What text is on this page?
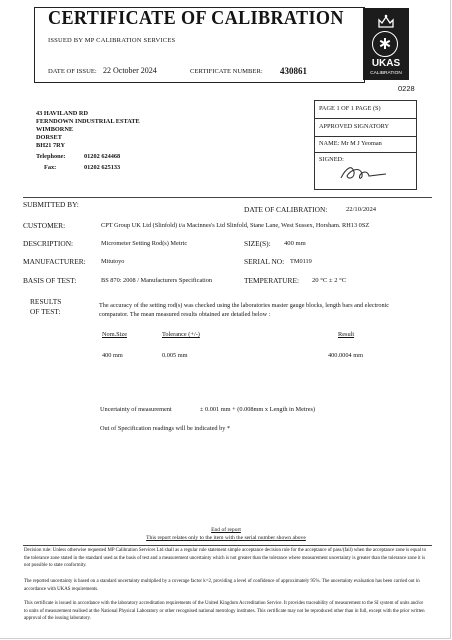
CERTIFICATE OF CALIBRATION
ISSUED BY MP CALIBRATION SERVICES
DATE OF ISSUE: 22 October 2024	CERTIFICATE NUMBER: 430861
UKAS
CALIBRATION
0228
43 HAVILAND RD
FERNDOWN INDUSTRIAL ESTATE
WIMBORNE
DORSET
BH21 7RY
Telephone:	01202 624468
Fax:	01202 625133
PAGE 1 OF 1 PAGE (S)
APPROVED SIGNATORY
NAME: Mr M J Yeoman
SIGNED:
SUBMITTED BY:
DATE OF CALIBRATION:	22/10/2024
CUSTOMER:	CPT Group UK Ltd (Slinfold) t/a Macinnes's Ltd Slinfold, Stane Lane, West Sussex, Horsham. RH13 0SZ
DESCRIPTION:	Micrometer Setting Rod(s) Metric	SIZE(S): 400 mm
MANUFACTURER: Mitutoyo	SERIAL NO: TM0119
BASIS OF TEST:	BS 870: 2008 / Manufacturers Specification	TEMPERATURE: 20 °C ± 2 °C
RESULTS
OF TEST:
The accuracy of the setting rod(s) was checked using the laboratories master gauge blocks, length bars and electronic comparator. The mean measured results obtained are detailed below :
Nom.Size	Tolerance (+/-)	Result
400 mm	0.005 mm	400.0004 mm
Uncertainty of measurement	± 0.001 mm + (0.008mm x Length in Metres)
Out of Specification readings will be indicated by *
End of report
This report relates only to the item with the serial number shown above
Decision rule: Unless otherwise requested MP Calibration Services Ltd shall as a regular rule statement simple acceptance decision rule for the acceptance of pass/(fail) when the acceptance zone is equal to the tolerance zone stated in the standard used as the basis of test and a measurement uncertainty which is not greater than the tolerance where measurement uncertainty is greater than the tolerance zone it is not possible to state conformity.
The reported uncertainty is based on a standard uncertainty multiplied by a coverage factor k=2, providing a level of confidence of approximately 95%. The uncertainty evaluation has been carried out in accordance with UKAS requirements.
This certificate is issued in accordance with the laboratory accreditation requirements of the United Kingdom Accreditation Service. It provides traceability of measurement to the SI system of units and/or to units of measurement realised at the National Physical Laboratory or other recognised national metrology institutes. This certificate may not be reproduced other than in full, except with the prior written approval of the issuing laboratory.
